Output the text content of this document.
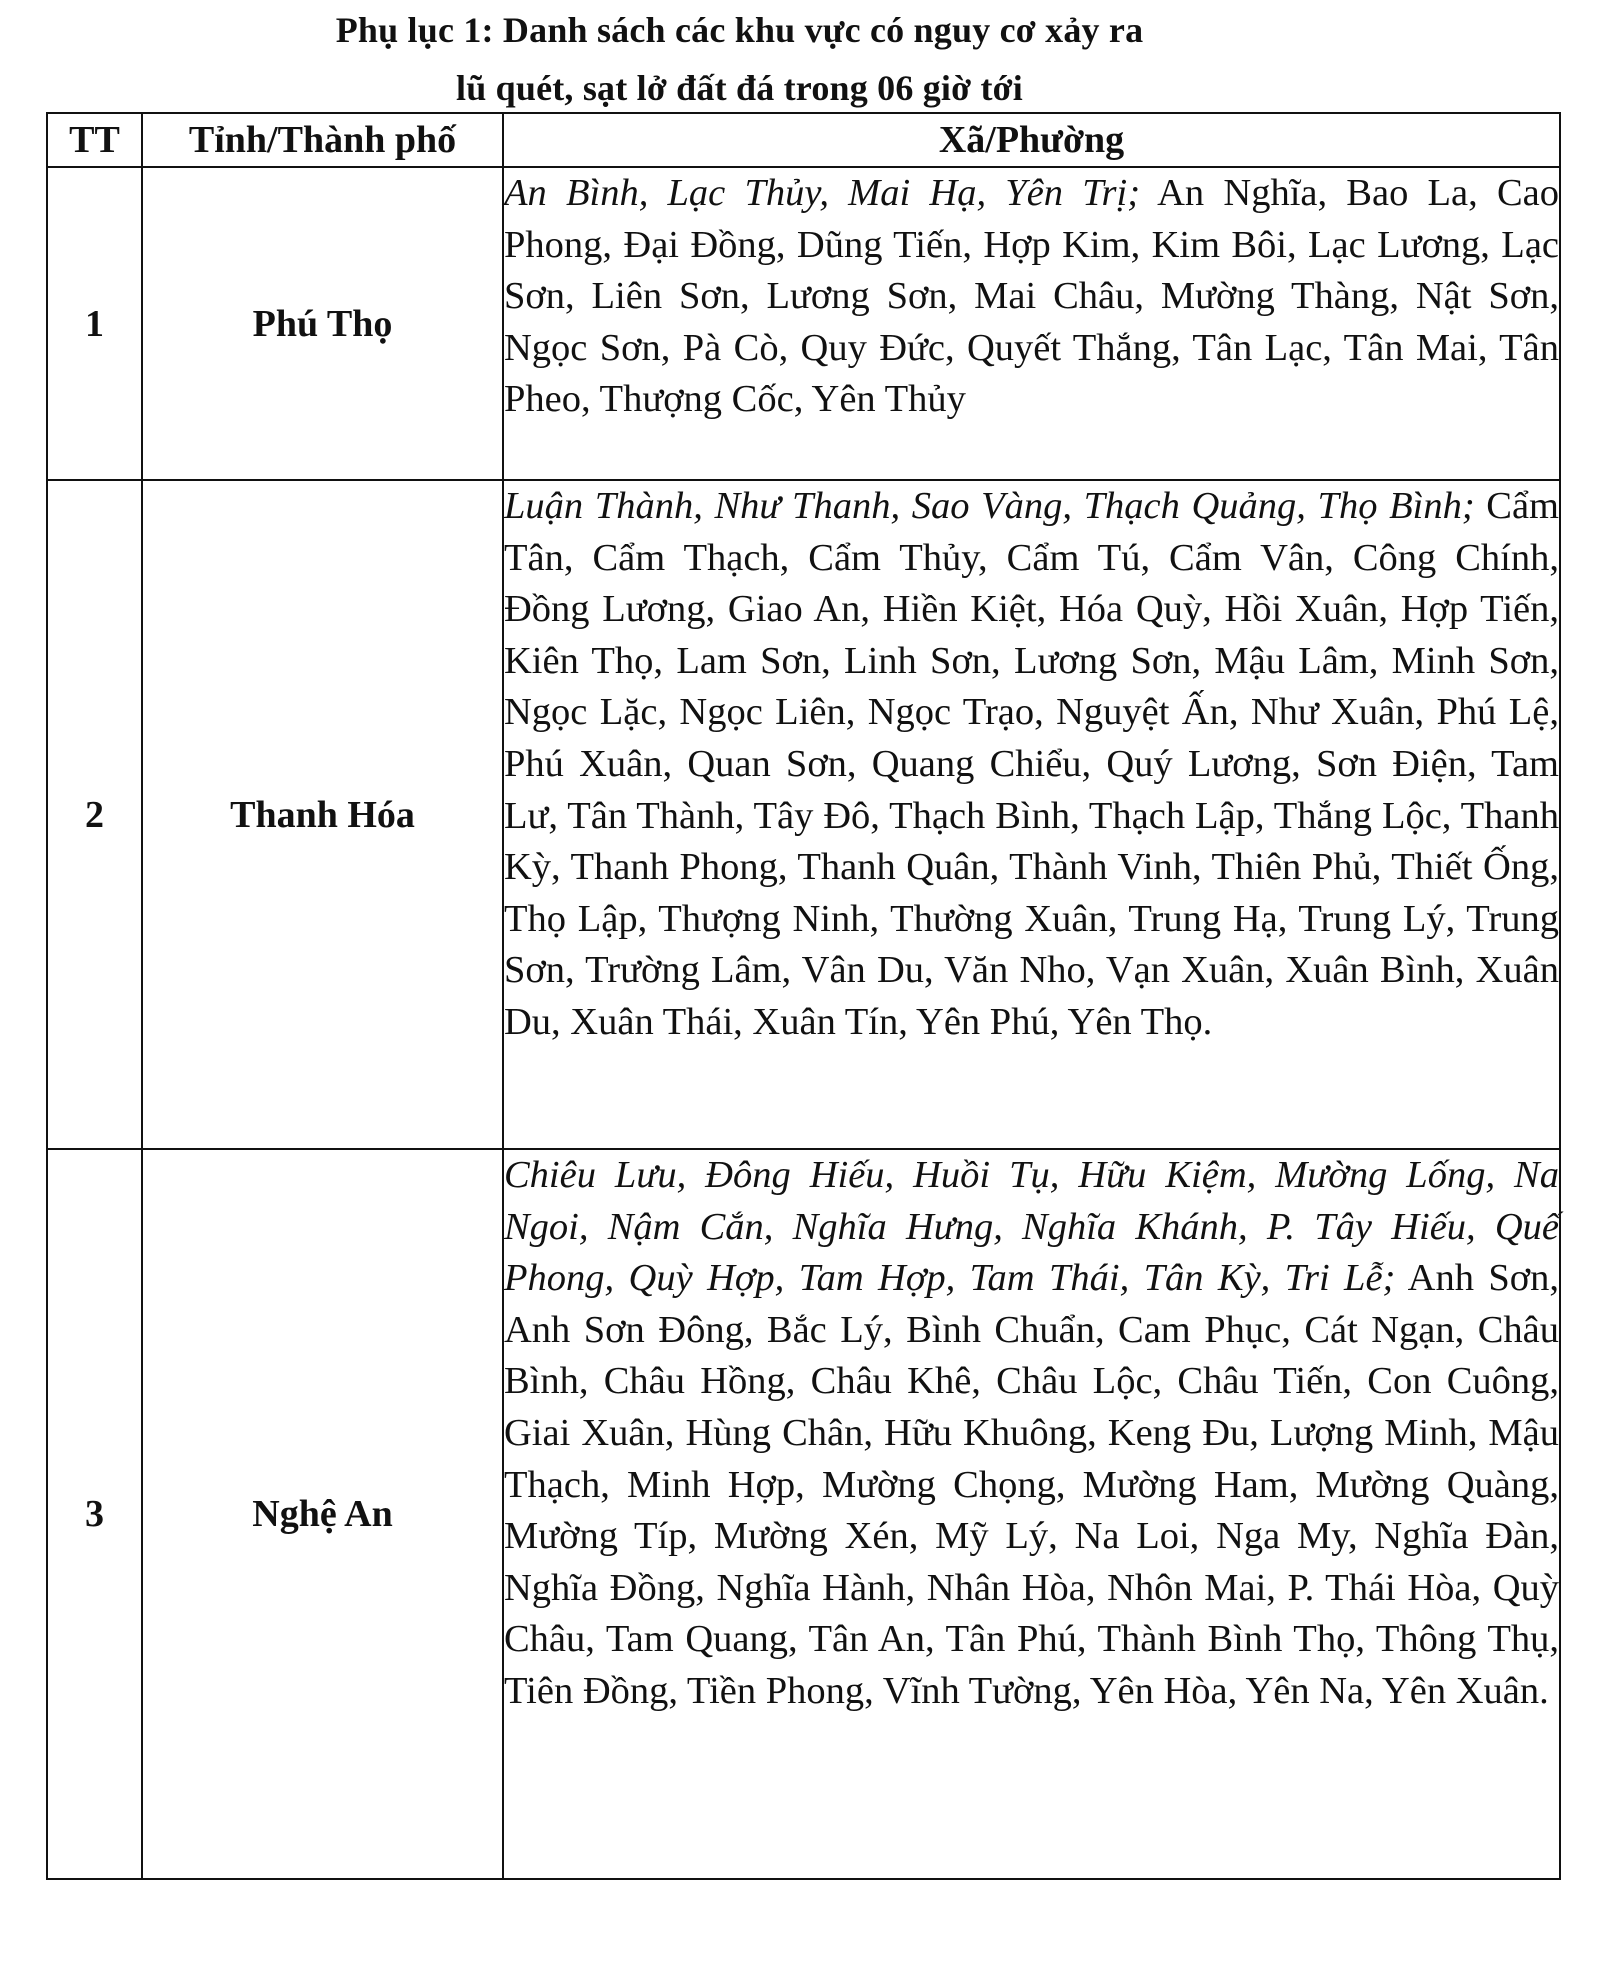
Phụ lục 1: Danh sách các khu vực có nguy cơ xảy ra
lũ quét, sạt lở đất đá trong 06 giờ tới
TT	Tỉnh/Thành phố	Xã/Phường
1	Phú Thọ	An Bình, Lạc Thủy, Mai Hạ, Yên Trị; An Nghĩa, Bao La, Cao Phong, Đại Đồng, Dũng Tiến, Hợp Kim, Kim Bôi, Lạc Lương, Lạc Sơn, Liên Sơn, Lương Sơn, Mai Châu, Mường Thàng, Nật Sơn, Ngọc Sơn, Pà Cò, Quy Đức, Quyết Thắng, Tân Lạc, Tân Mai, Tân Pheo, Thượng Cốc, Yên Thủy
2	Thanh Hóa	Luận Thành, Như Thanh, Sao Vàng, Thạch Quảng, Thọ Bình; Cẩm Tân, Cẩm Thạch, Cẩm Thủy, Cẩm Tú, Cẩm Vân, Công Chính, Đồng Lương, Giao An, Hiền Kiệt, Hóa Quỳ, Hồi Xuân, Hợp Tiến, Kiên Thọ, Lam Sơn, Linh Sơn, Lương Sơn, Mậu Lâm, Minh Sơn, Ngọc Lặc, Ngọc Liên, Ngọc Trạo, Nguyệt Ấn, Như Xuân, Phú Lệ, Phú Xuân, Quan Sơn, Quang Chiểu, Quý Lương, Sơn Điện, Tam Lư, Tân Thành, Tây Đô, Thạch Bình, Thạch Lập, Thắng Lộc, Thanh Kỳ, Thanh Phong, Thanh Quân, Thành Vinh, Thiên Phủ, Thiết Ống, Thọ Lập, Thượng Ninh, Thường Xuân, Trung Hạ, Trung Lý, Trung Sơn, Trường Lâm, Vân Du, Văn Nho, Vạn Xuân, Xuân Bình, Xuân Du, Xuân Thái, Xuân Tín, Yên Phú, Yên Thọ.
3	Nghệ An	Chiêu Lưu, Đông Hiếu, Huồi Tụ, Hữu Kiệm, Mường Lống, Na Ngoi, Nậm Cắn, Nghĩa Hưng, Nghĩa Khánh, P. Tây Hiếu, Quế Phong, Quỳ Hợp, Tam Hợp, Tam Thái, Tân Kỳ, Tri Lễ; Anh Sơn, Anh Sơn Đông, Bắc Lý, Bình Chuẩn, Cam Phục, Cát Ngạn, Châu Bình, Châu Hồng, Châu Khê, Châu Lộc, Châu Tiến, Con Cuông, Giai Xuân, Hùng Chân, Hữu Khuông, Keng Đu, Lượng Minh, Mậu Thạch, Minh Hợp, Mường Chọng, Mường Ham, Mường Quàng, Mường Típ, Mường Xén, Mỹ Lý, Na Loi, Nga My, Nghĩa Đàn, Nghĩa Đồng, Nghĩa Hành, Nhân Hòa, Nhôn Mai, P. Thái Hòa, Quỳ Châu, Tam Quang, Tân An, Tân Phú, Thành Bình Thọ, Thông Thụ, Tiên Đồng, Tiền Phong, Vĩnh Tường, Yên Hòa, Yên Na, Yên Xuân.
